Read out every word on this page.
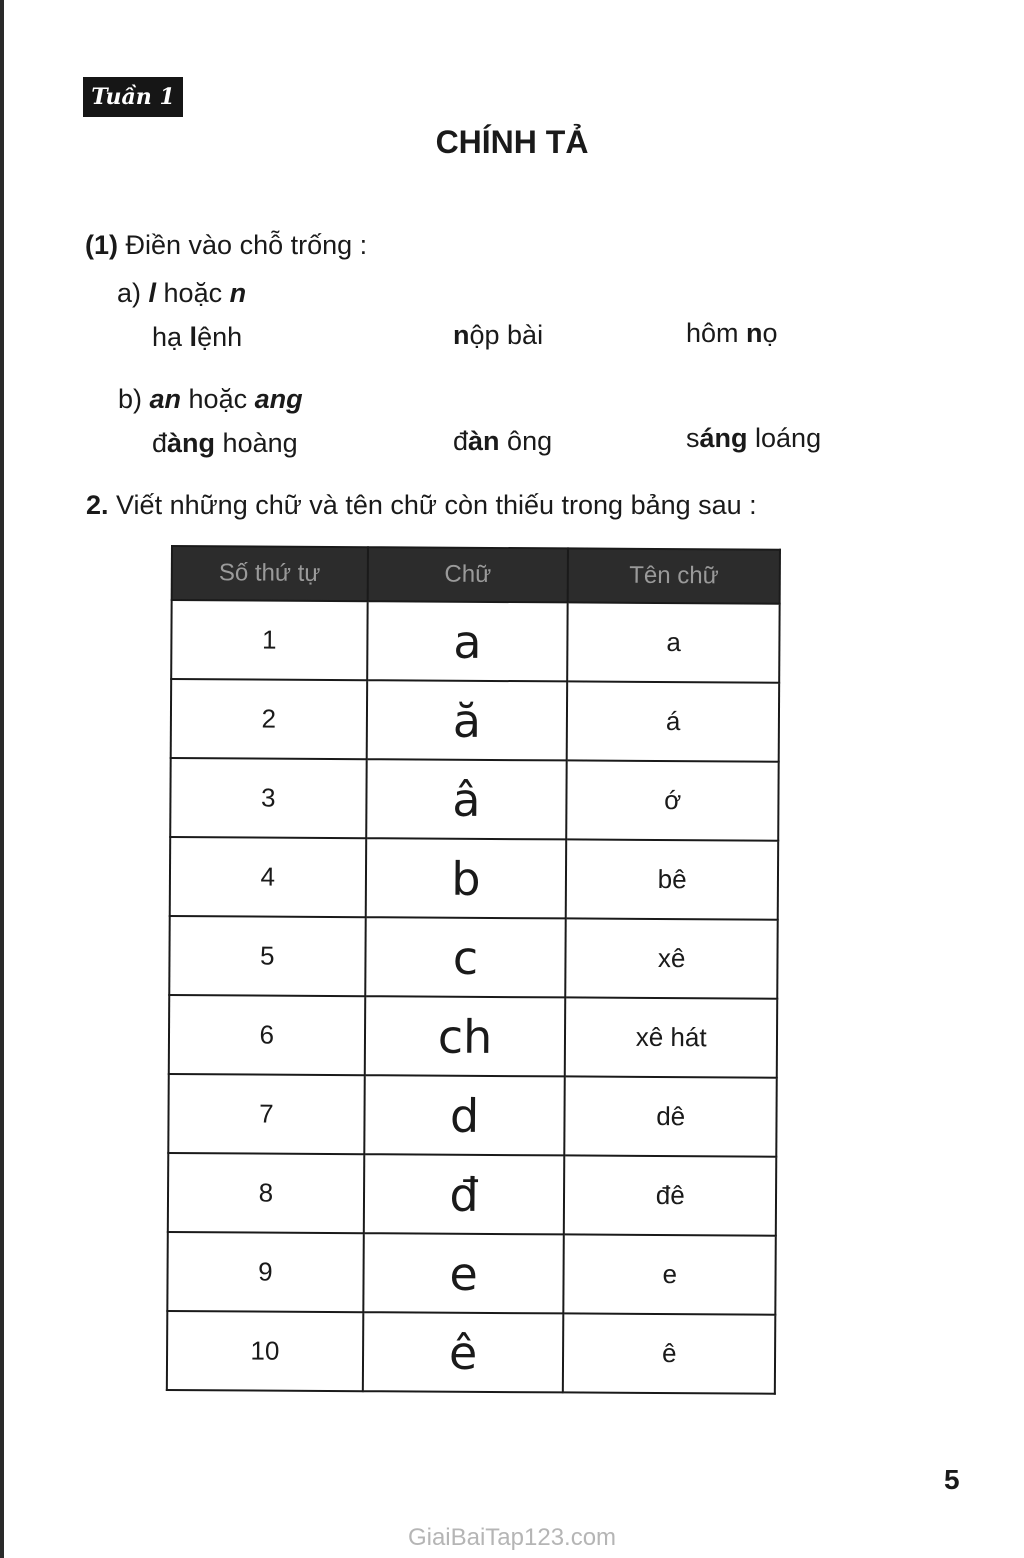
Tuần 1
CHÍNH TẢ
(1) Điền vào chỗ trống :
a) l hoặc n
hạ lệnh	nộp bài	hôm nọ
b) an hoặc ang
đàng hoàng	đàn ông	sáng loáng
2. Viết những chữ và tên chữ còn thiếu trong bảng sau :
Số thứ tự	Chữ	Tên chữ
1	a	a
2	ă	á
3	â	ớ
4	b	bê
5	c	xê
6	ch	xê hát
7	d	dê
8	đ	đê
9	e	e
10	ê	ê
5
GiaiBaiTap123.com
